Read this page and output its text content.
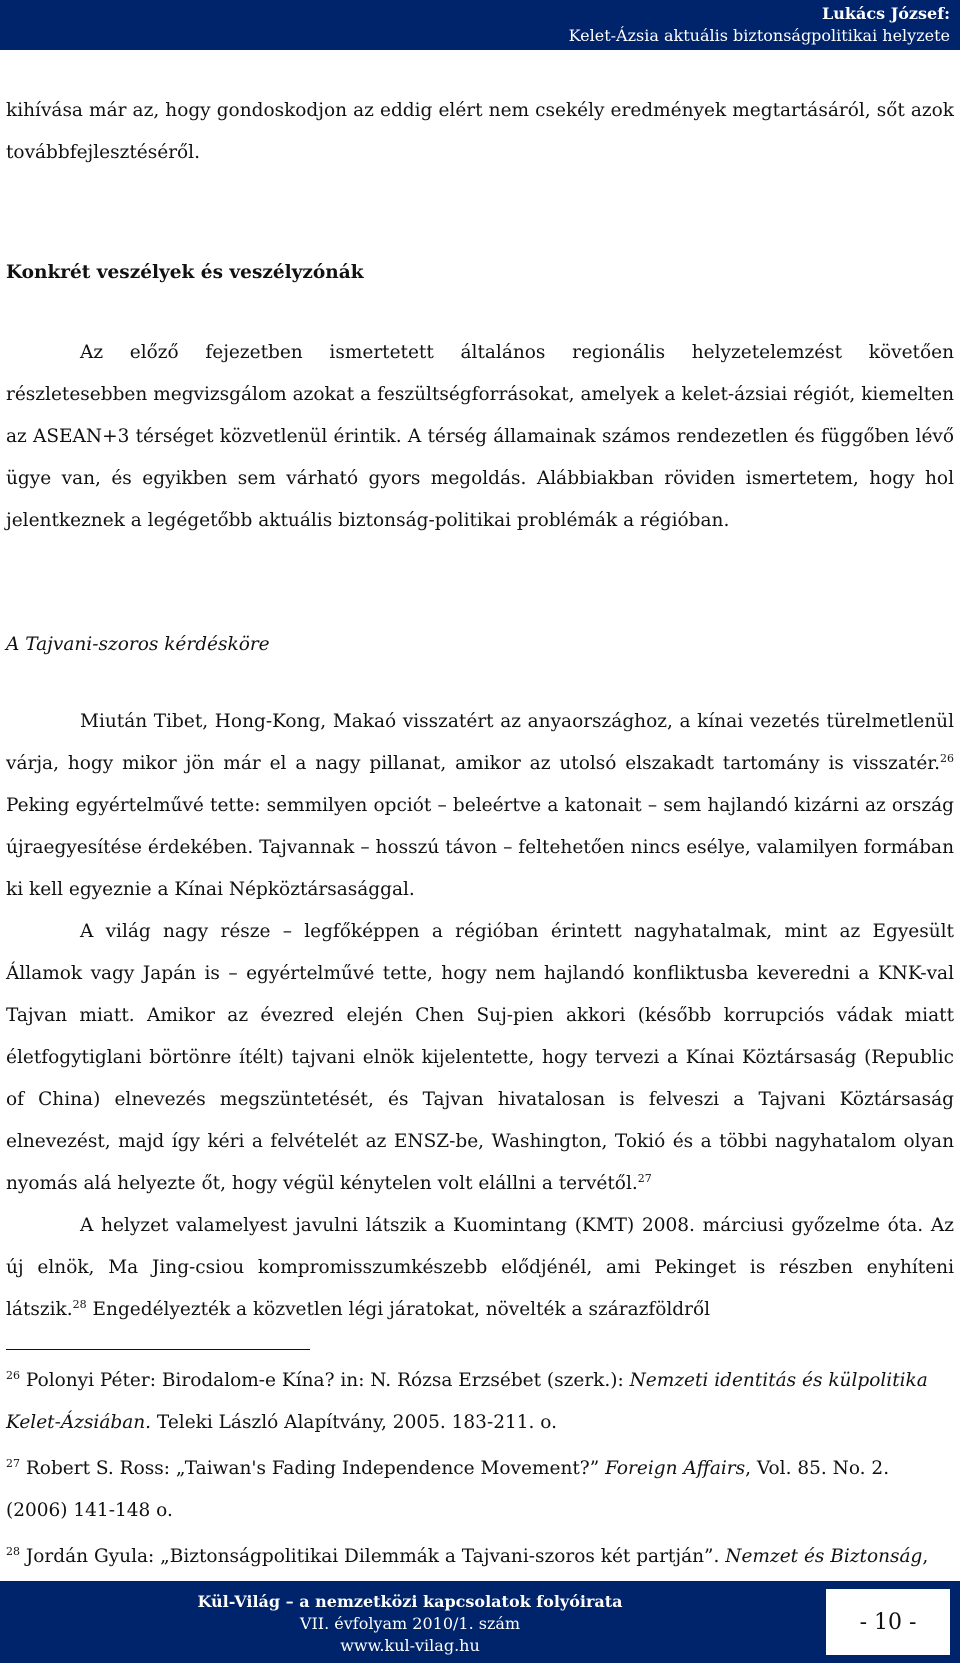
Lukács József:
Kelet-Ázsia aktuális biztonságpolitikai helyzete

kihívása már az, hogy gondoskodjon az eddig elért nem csekély eredmények megtartásáról, sőt azok továbbfejlesztéséről.

Konkrét veszélyek és veszélyzónák

Az előző fejezetben ismertetett általános regionális helyzetelemzést követően részletesebben megvizsgálom azokat a feszültségforrásokat, amelyek a kelet-ázsiai régiót, kiemelten az ASEAN+3 térséget közvetlenül érintik. A térség államainak számos rendezetlen és függőben lévő ügye van, és egyikben sem várható gyors megoldás. Alábbiakban röviden ismertetem, hogy hol jelentkeznek a legégetőbb aktuális biztonság-politikai problémák a régióban.

A Tajvani-szoros kérdésköre

Miután Tibet, Hong-Kong, Makaó visszatért az anyaországhoz, a kínai vezetés türelmetlenül várja, hogy mikor jön már el a nagy pillanat, amikor az utolsó elszakadt tartomány is visszatér.$^{26}$ Peking egyértelművé tette: semmilyen opciót – beleértve a katonait – sem hajlandó kizárni az ország újraegyesítése érdekében. Tajvannak – hosszú távon – feltehetően nincs esélye, valamilyen formában ki kell egyeznie a Kínai Népköztársasággal.

A világ nagy része – legfőképpen a régióban érintett nagyhatalmak, mint az Egyesült Államok vagy Japán is – egyértelművé tette, hogy nem hajlandó konfliktusba keveredni a KNK-val Tajvan miatt. Amikor az évezred elején Chen Suj-pien akkori (később korrupciós vádak miatt életfogytiglani börtönre ítélt) tajvani elnök kijelentette, hogy tervezi a Kínai Köztársaság (Republic of China) elnevezés megszüntetését, és Tajvan hivatalosan is felveszi a Tajvani Köztársaság elnevezést, majd így kéri a felvételét az ENSZ-be, Washington, Tokió és a többi nagyhatalom olyan nyomás alá helyezte őt, hogy végül kénytelen volt elállni a tervétől.$^{27}$

A helyzet valamelyest javulni látszik a Kuomintang (KMT) 2008. márciusi győzelme óta. Az új elnök, Ma Jing-csiou kompromisszumkészebb elődjénél, ami Pekinget is részben enyhíteni látszik.$^{28}$ Engedélyezték a közvetlen légi járatokat, növelték a szárazföldről

$^{26}$ Polonyi Péter: Birodalom-e Kína? in: N. Rózsa Erzsébet (szerk.): Nemzeti identitás és külpolitika Kelet-Ázsiában. Teleki László Alapítvány, 2005. 183-211. o.

$^{27}$ Robert S. Ross: „Taiwan's Fading Independence Movement?” Foreign Affairs, Vol. 85. No. 2. (2006) 141-148 o.

$^{28}$ Jordán Gyula: „Biztonságpolitikai Dilemmák a Tajvani-szoros két partján”. Nemzet és Biztonság,

Kül-Világ – a nemzetközi kapcsolatok folyóirata
VII. évfolyam 2010/1. szám
www.kul-vilag.hu
- 10 -
